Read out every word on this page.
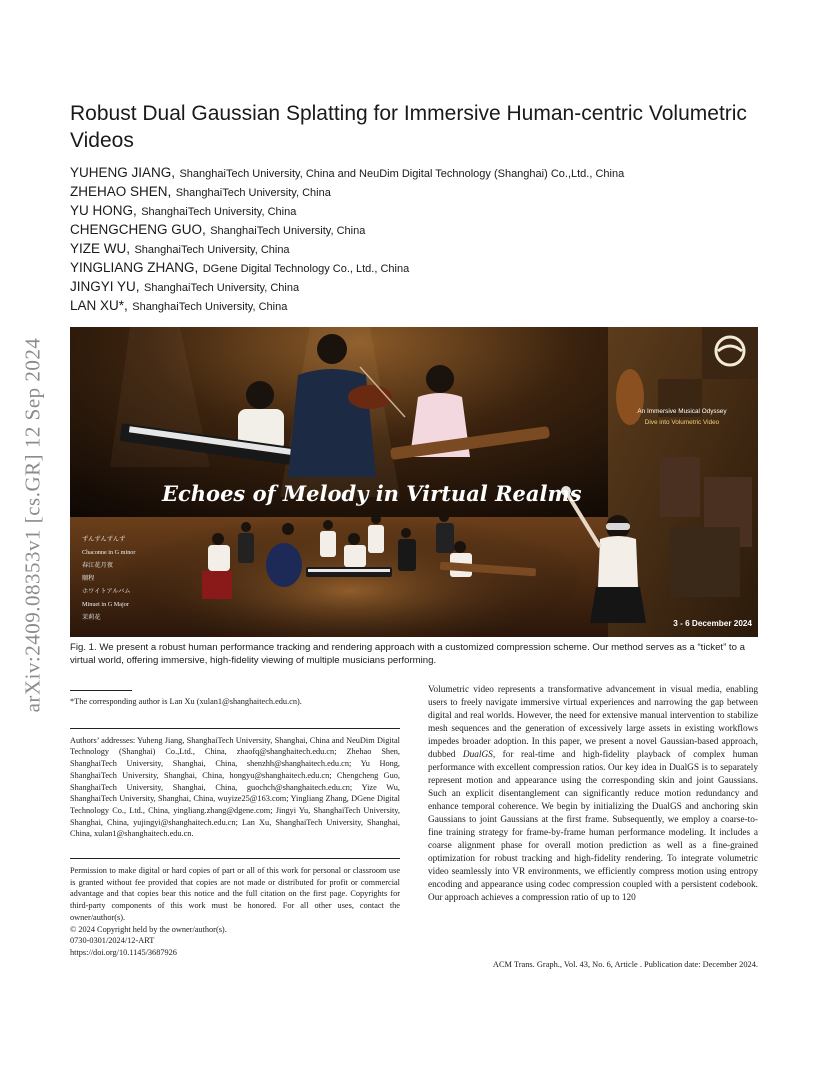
arXiv:2409.08353v1 [cs.GR] 12 Sep 2024
Robust Dual Gaussian Splatting for Immersive Human-centric Volumetric Videos
YUHENG JIANG, ShanghaiTech University, China and NeuDim Digital Technology (Shanghai) Co.,Ltd., China
ZHEHAO SHEN, ShanghaiTech University, China
YU HONG, ShanghaiTech University, China
CHENGCHENG GUO, ShanghaiTech University, China
YIZE WU, ShanghaiTech University, China
YINGLIANG ZHANG, DGene Digital Technology Co., Ltd., China
JINGYI YU, ShanghaiTech University, China
LAN XU*, ShanghaiTech University, China
An Immersive Musical Odyssey
Dive into Volumetric Video
Echoes of Melody in Virtual Realms
ずんずんずんず
Chaconne in G minor
春江花月夜
顺程
ホワイトアルバム
Minuet in G Major
茉莉花
3 - 6 December 2024
Fig. 1. We present a robust human performance tracking and rendering approach with a customized compression scheme. Our method serves as a “ticket” to a virtual world, offering immersive, high-fidelity viewing of multiple musicians performing.
*The corresponding author is Lan Xu (xulan1@shanghaitech.edu.cn).
Authors’ addresses: Yuheng Jiang, ShanghaiTech University, Shanghai, China and NeuDim Digital Technology (Shanghai) Co.,Ltd., China, zhaofq@shanghaitech.edu.cn; Zhehao Shen, ShanghaiTech University, Shanghai, China, shenzhh@shanghaitech.edu.cn; Yu Hong, ShanghaiTech University, Shanghai, China, hongyu@shanghaitech.edu.cn; Chengcheng Guo, ShanghaiTech University, Shanghai, China, guochch@shanghaitech.edu.cn; Yize Wu, ShanghaiTech University, Shanghai, China, wuyize25@163.com; Yingliang Zhang, DGene Digital Technology Co., Ltd., China, yingliang.zhang@dgene.com; Jingyi Yu, ShanghaiTech University, Shanghai, China, yujingyi@shanghaitech.edu.cn; Lan Xu, ShanghaiTech University, Shanghai, China, xulan1@shanghaitech.edu.cn.
Permission to make digital or hard copies of part or all of this work for personal or classroom use is granted without fee provided that copies are not made or distributed for profit or commercial advantage and that copies bear this notice and the full citation on the first page. Copyrights for third-party components of this work must be honored. For all other uses, contact the owner/author(s).
© 2024 Copyright held by the owner/author(s).
0730-0301/2024/12-ART
https://doi.org/10.1145/3687926
Volumetric video represents a transformative advancement in visual media, enabling users to freely navigate immersive virtual experiences and narrowing the gap between digital and real worlds. However, the need for extensive manual intervention to stabilize mesh sequences and the generation of excessively large assets in existing workflows impedes broader adoption. In this paper, we present a novel Gaussian-based approach, dubbed DualGS, for real-time and high-fidelity playback of complex human performance with excellent compression ratios. Our key idea in DualGS is to separately represent motion and appearance using the corresponding skin and joint Gaussians. Such an explicit disentanglement can significantly reduce motion redundancy and enhance temporal coherence. We begin by initializing the DualGS and anchoring skin Gaussians to joint Gaussians at the first frame. Subsequently, we employ a coarse-to-fine training strategy for frame-by-frame human performance modeling. It includes a coarse alignment phase for overall motion prediction as well as a fine-grained optimization for robust tracking and high-fidelity rendering. To integrate volumetric video seamlessly into VR environments, we efficiently compress motion using entropy encoding and appearance using codec compression coupled with a persistent codebook. Our approach achieves a compression ratio of up to 120
ACM Trans. Graph., Vol. 43, No. 6, Article . Publication date: December 2024.
